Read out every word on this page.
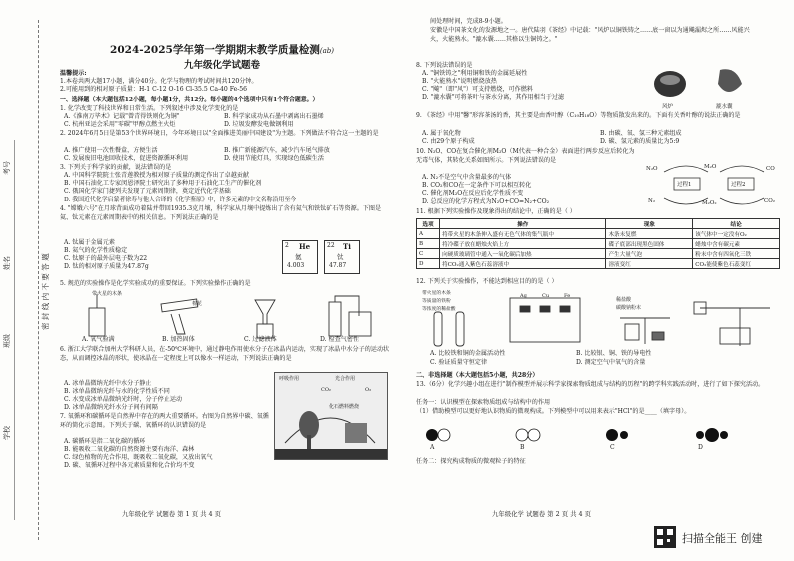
考号
姓名
班级
学校
密 封 线 内 不 要 答 题
2024-2025学年第一学期期末教学质量检测(ab)
九年级化学试题卷
温馨提示:
1.本卷共两大题17小题，满分40分。化学与物理的考试时间共120分钟。
2.可能用到的相对原子质量：H-1 C-12 O-16 Cl-35.5 Ca-40 Fe-56
一、选择题（本大题包括12小题，每小题1分，共12分。每小题的4个选项中只有1个符合题意。）
1. 化学改变了科技世界和日常生活。下列叙述中涉及化学变化的是
A.《淮南万毕术》记载"曾青得铁则化为铜"	B. 科学家成功从石墨中剥离出石墨烯
C. 杭州亚运会采用"零碳"甲醇点燃主火炬	D. 垃圾发酵发电做钢利用
2. 2024年6月5日是第53个世界环境日，今年环境日以"全面推进美丽中国建设"为主题。下列做法不符合这一主题的是
A. 推广使用一次性餐盒，方便生活	B. 推广新能源汽车，减少汽车尾气排放
C. 发展废旧电池回收技术，促进资源循环利用	D. 使用节能灯具，实现绿色低碳生活
3. 下列关于科学家的贡献，说法错误的是
A. 中国科学院院士张青莲教授为相对原子质量的测定作出了卓越贡献
B. 中国石油化工专家闵恩泽院士研究出了多种用于石油化工生产的催化剂
C. 俄国化学家门捷列夫发现了元素周期律，奠定近代化学基础
D. 我国近代化学启蒙者徐寿与他人合译的《化学鉴原》中，许多元素的中文名称沿用至今
4. "嫦娥六号"在月球背面成功着陆并带回1935.3克月壤，科学家从月壤中提炼出了含有氦气和铁钛矿石等资源。下图是氦、钛元素在元素周期表中的相关信息。下列说法正确的是
A. 钛属于金属元素
B. 氦气的化学性质稳定
C. 钛原子的最外层电子数为22
D. 钛的相对原子质量为47.87g
2 He
氦
4.003
22 Ti
钛
47.87
5. 规范的实验操作是化学实验成功的重要保证。下列实验操作正确的是
带火星的木条
棉花
A. 氧气验满	B. 加热固体	C. 过滤液体	D. 检查气密性
6. 浙江大学联合加州大学科研人员，在-50℃环境中，通过静电作用使水分子在冰晶内运动，实现了冰晶中水分子的运动状态，从而调控冰晶的形状，使冰晶在一定程度上可以像水一样运动，下列说法正确的是
A. 冰单晶微纳光纤中水分子静止
B. 冰单晶微纳光纤与水的化学性质不同
C. 水变成冰单晶微纳光纤时，分子停止运动
D. 冰单晶微纳光纤水分子间有间隔
7. 氧循环和碳循环是自然界中存在的两大重要循环。右图为自然界中碳、氧循环的简化示意图。下列关于碳、氧循环的认识错误的是
A. 碳循环是指二氧化碳的循环
B. 能吸收二氧化碳的自然资源主要有海洋、森林
C. 绿色植物的光合作用，既吸收二氧化碳，又放出氧气
D. 碳、氧循环过程中各元素质量和化合价均不变
呼吸作用	光合作用
化石燃料燃烧
CO₂	O₂
九年级化学 试题卷 第 1 页 共 4 页
间处理时间，完成8-9小题。
安徽是中国茶文化的发源地之一。唐代陆羽《茶经》中记载："风炉以铜铁铸之……底一窗以为通飚漏烬之所……风能兴火，火能熟水。"漉水囊……其格以生铜铸之。"
8. 下列说法错误的是
A. "铜铁铸之"利用铜和铁的金属延展性
B. "火能熟水"说明燃烧放热
C. "飚"（即"风"）可支持燃烧，可作燃料
D. "漉水囊"可将茶叶与茶水分离，其作用相当于过滤
风炉	漉水囊
9. 《茶经》中用"馨"形容茶汤的香，其主要是由香叶醇（C₁₀H₁₈O）等物质散发出来的。下面有关香叶醇的说法正确的是
A. 属于氧化物	B. 由碳、氧、氢三种元素组成
C. 由29个原子构成	D. 碳、氢元素的质量比为5:9
10. N₂O、CO在复合催化剂M₂O（M代表一种合金）表面进行两步反应后转化为无毒气体，其转化关系如图所示。下列说法错误的是
A. N₂不是空气中含量最多的气体
B. CO₂和CO在一定条件下可以相互转化
C. 催化剂M₂O在反应后化学性质不变
D. 总反应的化学方程式为N₂O+CO=N₂+CO₂
N₂O	M₂O	CO
过程1	过程2
N₂	M₂O₂	CO₂
11. 根据下列实验操作及现象得出的结论中，正确的是（ ）
选项	操作	现象	结论
A	将带火星的木条伸入盛有无色气体的集气瓶中	木条未复燃	该气体中一定没有O₂
B	将冷碟子放在蜡烛火焰上方	碟子底部出现黑色固体	蜡烛中含有碳元素
C	向硬质玻璃管中通入一氧化碳后加热	产生大量气泡	粉末中含有四氧化三铁
D	将CO₂通入紫色石蕊溶液中	溶液变红	CO₂能使紫色石蕊变红
12. 下列关于实验操作，不能达到相应目的的是（ ）
带火星的木条
等质量的铁粉
等浓度的稀盐酸
Ag	Cu	Fe
稀盐酸
碳酸钠粉末
A. 比较铁和铜的金属活动性	B. 比较银、铜、铁的导电性
C. 验证质量守恒定律	D. 测定空气中氧气的含量
二、非选择题（本大题包括5小题，共28分）
13.（6分）化学兴趣小组在进行"制作模型并展示科学家探索物质组成与结构的历程"的跨学科实践活动时，进行了如下探究活动。
任务一：认识模型在探索物质组成与结构中的作用
（1）借助模型可以更好地认识物质的微观构成。下列模型中可以用来表示"HCl"的是____（填字母）。
A	B	C	D
任务二：探究构成物质的微观粒子的特征
九年级化学 试题卷 第 2 页 共 4 页
扫描全能王 创建
